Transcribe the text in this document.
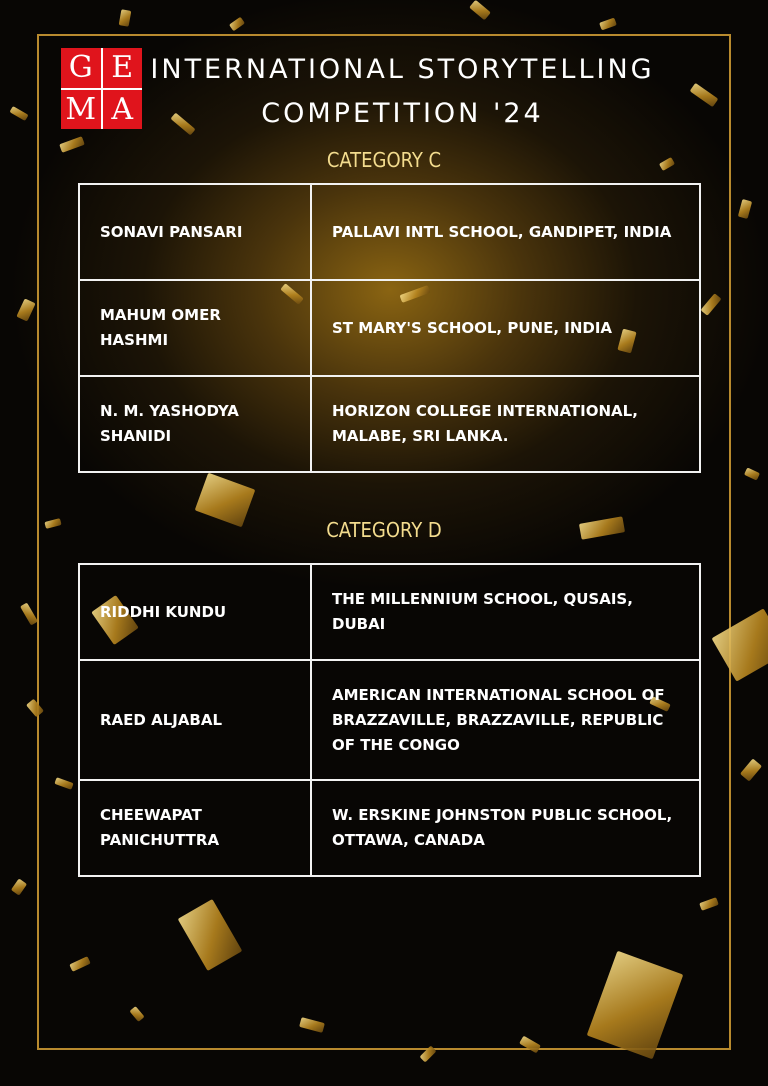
G E
M A
INTERNATIONAL STORYTELLING
COMPETITION '24
CATEGORY C
SONAVI PANSARI	PALLAVI INTL SCHOOL, GANDIPET, INDIA
MAHUM OMER HASHMI	ST MARY'S SCHOOL, PUNE, INDIA
N. M. YASHODYA SHANIDI	HORIZON COLLEGE INTERNATIONAL, MALABE, SRI LANKA.
CATEGORY D
RIDDHI KUNDU	THE MILLENNIUM SCHOOL, QUSAIS, DUBAI
RAED ALJABAL	AMERICAN INTERNATIONAL SCHOOL OF BRAZZAVILLE, BRAZZAVILLE, REPUBLIC OF THE CONGO
CHEEWAPAT PANICHUTTRA	W. ERSKINE JOHNSTON PUBLIC SCHOOL, OTTAWA, CANADA
